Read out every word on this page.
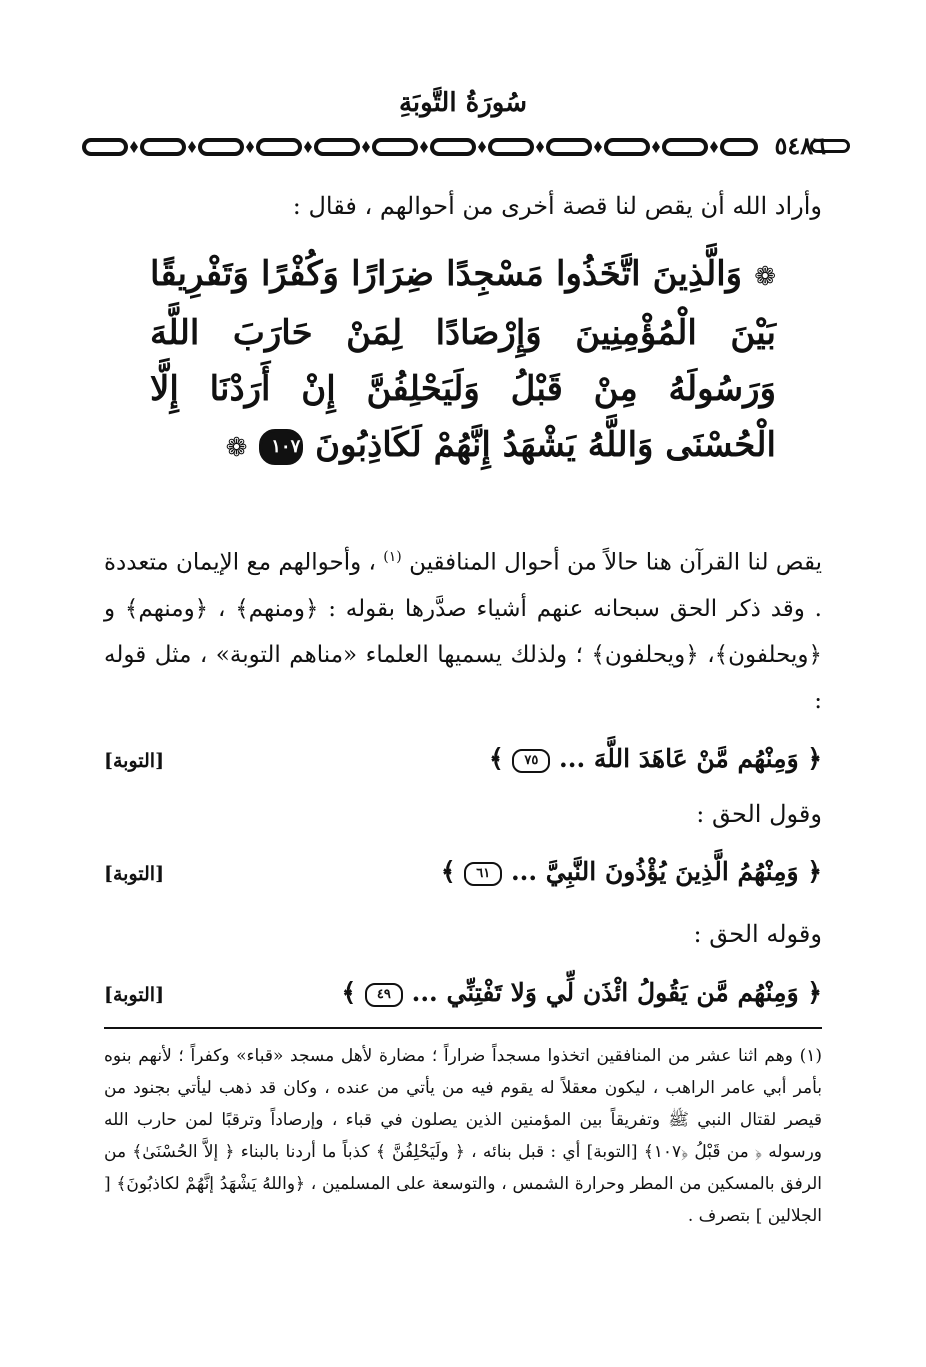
سُورَةُ التَّوبَةِ
٥٤٨٦
وأراد الله أن يقص لنا قصة أخرى من أحوالهم ، فقال :
❁ وَالَّذِينَ اتَّخَذُوا مَسْجِدًا ضِرَارًا وَكُفْرًا وَتَفْرِيقًا بَيْنَ الْمُؤْمِنِينَ وَإِرْصَادًا لِمَنْ حَارَبَ اللَّهَ وَرَسُولَهُ مِنْ قَبْلُ وَلَيَحْلِفُنَّ إِنْ أَرَدْنَا إِلَّا الْحُسْنَى وَاللَّهُ يَشْهَدُ إِنَّهُمْ لَكَاذِبُونَ ١٠٧ ❁
يقص لنا القرآن هنا حالاً من أحوال المنافقين $^{(١)}$ ، وأحوالهم مع الإيمان متعددة . وقد ذكر الحق سبحانه عنهم أشياء صدَّرها بقوله : ﴿ومنهم﴾ ، ﴿ومنهم﴾ و ﴿ويحلفون﴾، ﴿ويحلفون﴾ ؛ ولذلك يسميها العلماء «مناهم التوبة» ، مثل قوله :
﴿ وَمِنْهُم مَّنْ عَاهَدَ اللَّهَ ... ٧٥ ﴾
[التوبة]
وقول الحق :
﴿ وَمِنْهُمُ الَّذِينَ يُؤْذُونَ النَّبِيَّ ... ٦١ ﴾
[التوبة]
وقوله الحق :
﴿ وَمِنْهُم مَّن يَقُولُ ائْذَن لِّي وَلا تَفْتِنِّي ... ٤٩ ﴾
[التوبة]
(١) وهم اثنا عشر من المنافقين اتخذوا مسجداً ضراراً ؛ مضارة لأهل مسجد «قباء» وكفراً ؛ لأنهم بنوه بأمر أبي عامر الراهب ، ليكون معقلاً له يقوم فيه من يأتي من عنده ، وكان قد ذهب ليأتي بجنود من قيصر لقتال النبي ﷺ وتفريقاً بين المؤمنين الذين يصلون في قباء ، وإرصاداً وترقبًا لمن حارب الله ورسوله ﴿ من قَبْلُ ﴿١٠٧﴾ [التوبة] أي : قبل بنائه ، ﴿ ولَيَحْلِفُنَّ ﴾ كذباً ما أردنا بالبناء ﴿ إلاَّ الحُسْنَىٰ﴾ من الرفق بالمسكين من المطر وحرارة الشمس ، والتوسعة على المسلمين ، ﴿واللهُ يَشْهَدُ إنَّهُمْ لكاذبُونَ﴾ [ الجلالين ] بتصرف .
